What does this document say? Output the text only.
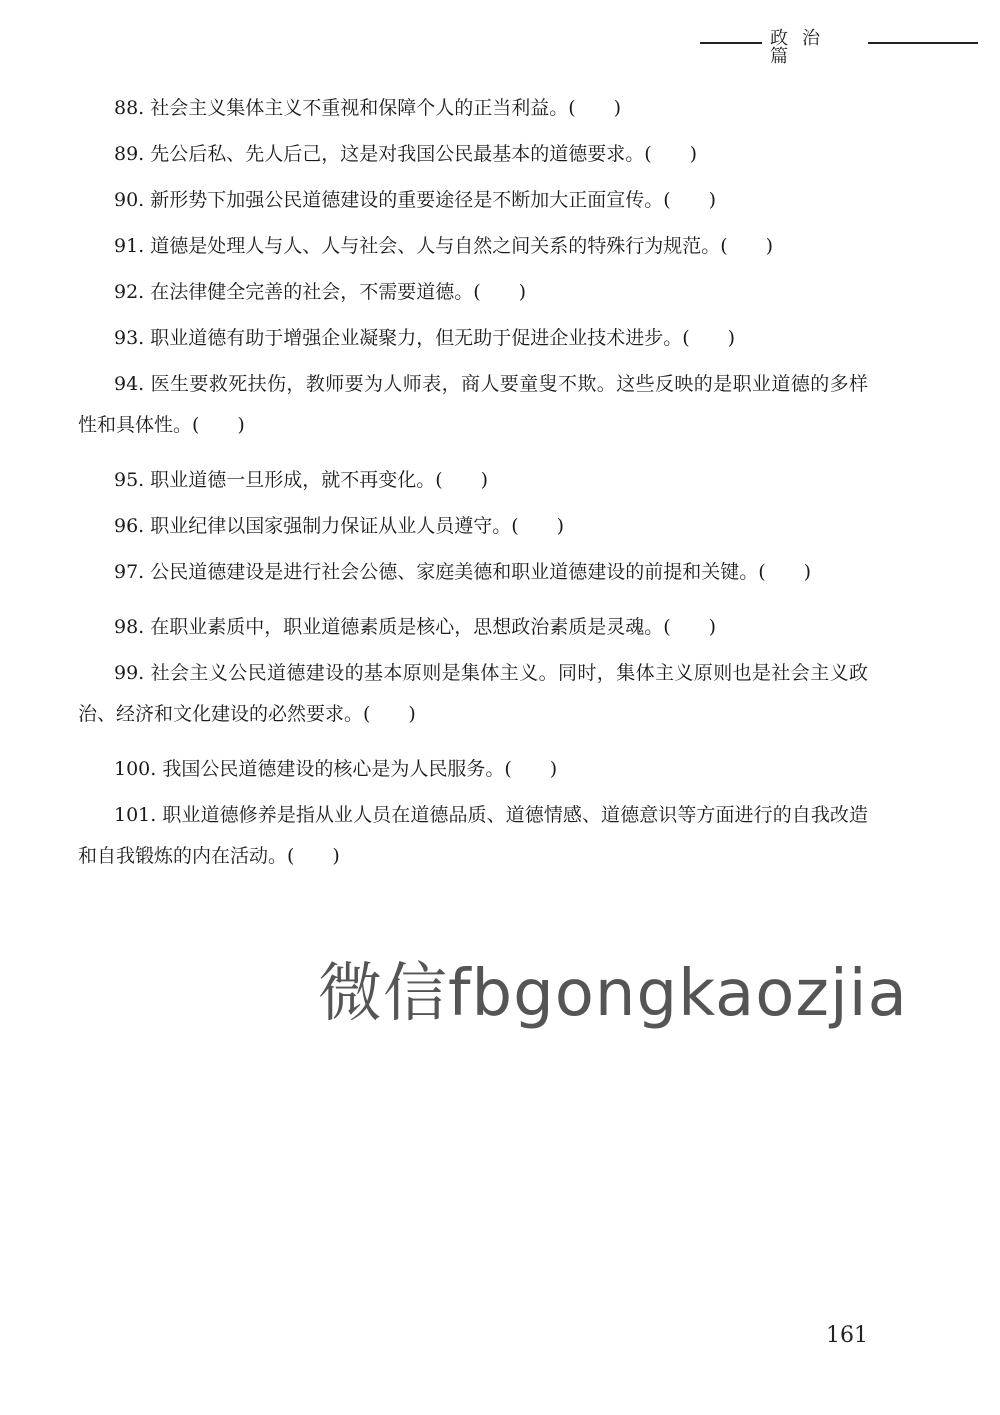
政治篇

88. 社会主义集体主义不重视和保障个人的正当利益。(　　)

89. 先公后私、先人后己，这是对我国公民最基本的道德要求。(　　)

90. 新形势下加强公民道德建设的重要途径是不断加大正面宣传。(　　)

91. 道德是处理人与人、人与社会、人与自然之间关系的特殊行为规范。(　　)

92. 在法律健全完善的社会，不需要道德。(　　)

93. 职业道德有助于增强企业凝聚力，但无助于促进企业技术进步。(　　)

94. 医生要救死扶伤，教师要为人师表，商人要童叟不欺。这些反映的是职业道德的多样性和具体性。(　　)

95. 职业道德一旦形成，就不再变化。(　　)

96. 职业纪律以国家强制力保证从业人员遵守。(　　)

97. 公民道德建设是进行社会公德、家庭美德和职业道德建设的前提和关键。(　　)

98. 在职业素质中，职业道德素质是核心，思想政治素质是灵魂。(　　)

99. 社会主义公民道德建设的基本原则是集体主义。同时，集体主义原则也是社会主义政治、经济和文化建设的必然要求。(　　)

100. 我国公民道德建设的核心是为人民服务。(　　)

101. 职业道德修养是指从业人员在道德品质、道德情感、道德意识等方面进行的自我改造和自我锻炼的内在活动。(　　)

微信fbgongkaozjia
161
